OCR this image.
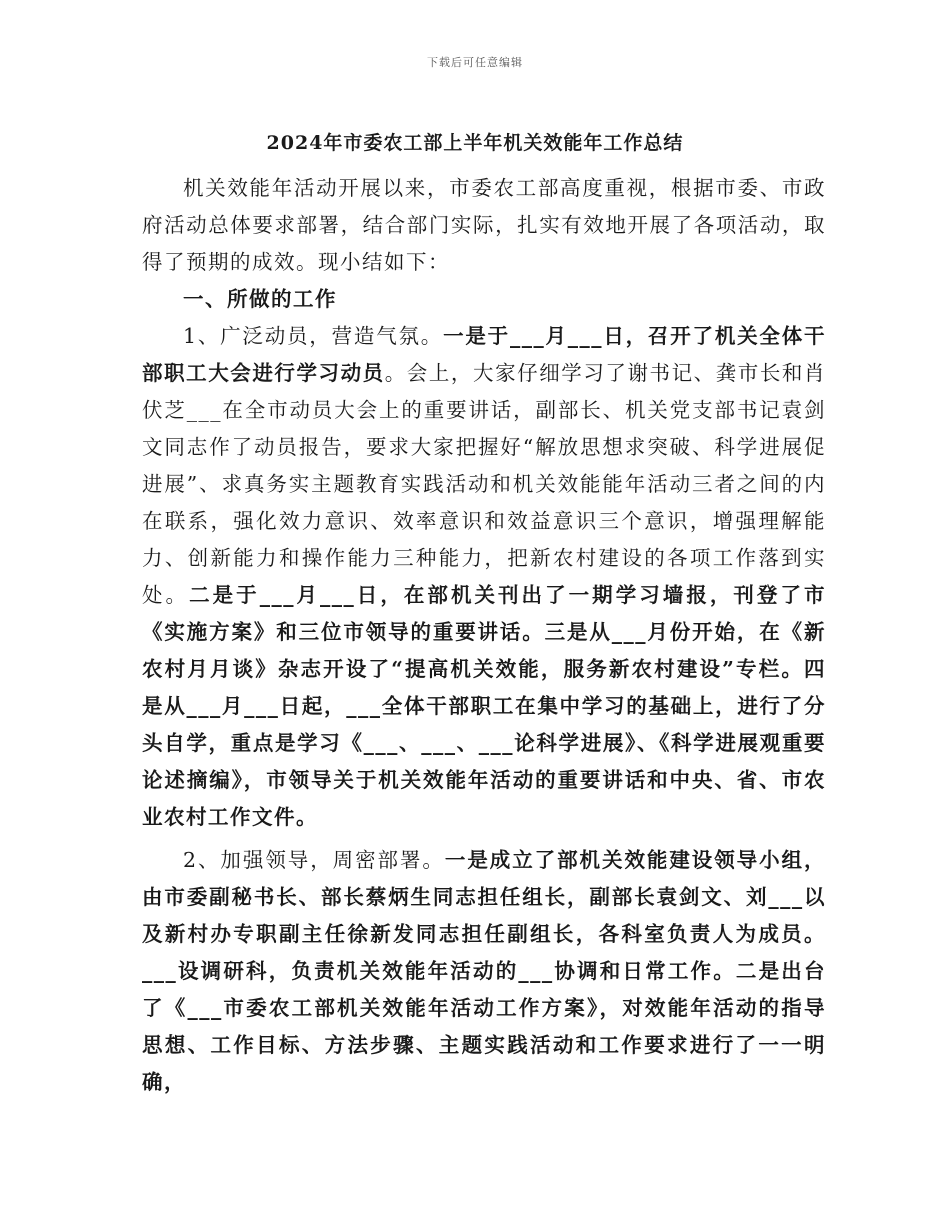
下载后可任意编辑
2024年市委农工部上半年机关效能年工作总结

机关效能年活动开展以来，市委农工部高度重视，根据市委、市政府活动总体要求部署，结合部门实际，扎实有效地开展了各项活动，取得了预期的成效。现小结如下：

一、所做的工作

1、广泛动员，营造气氛。一是于___月___日，召开了机关全体干部职工大会进行学习动员。会上，大家仔细学习了谢书记、龚市长和肖伏芝___在全市动员大会上的重要讲话，副部长、机关党支部书记袁剑文同志作了动员报告，要求大家把握好“解放思想求突破、科学进展促进展”、求真务实主题教育实践活动和机关效能能年活动三者之间的内在联系，强化效力意识、效率意识和效益意识三个意识，增强理解能力、创新能力和操作能力三种能力，把新农村建设的各项工作落到实处。二是于___月___日，在部机关刊出了一期学习墙报，刊登了市《实施方案》和三位市领导的重要讲话。三是从___月份开始，在《新农村月月谈》杂志开设了“提高机关效能，服务新农村建设”专栏。四是从___月___日起，___全体干部职工在集中学习的基础上，进行了分头自学，重点是学习《___、___、___论科学进展》、《科学进展观重要论述摘编》，市领导关于机关效能年活动的重要讲话和中央、省、市农业农村工作文件。

2、加强领导，周密部署。一是成立了部机关效能建设领导小组，由市委副秘书长、部长蔡炳生同志担任组长，副部长袁剑文、刘___以及新村办专职副主任徐新发同志担任副组长，各科室负责人为成员。___设调研科，负责机关效能年活动的___协调和日常工作。二是出台了《___市委农工部机关效能年活动工作方案》，对效能年活动的指导思想、工作目标、方法步骤、主题实践活动和工作要求进行了一一明确，
